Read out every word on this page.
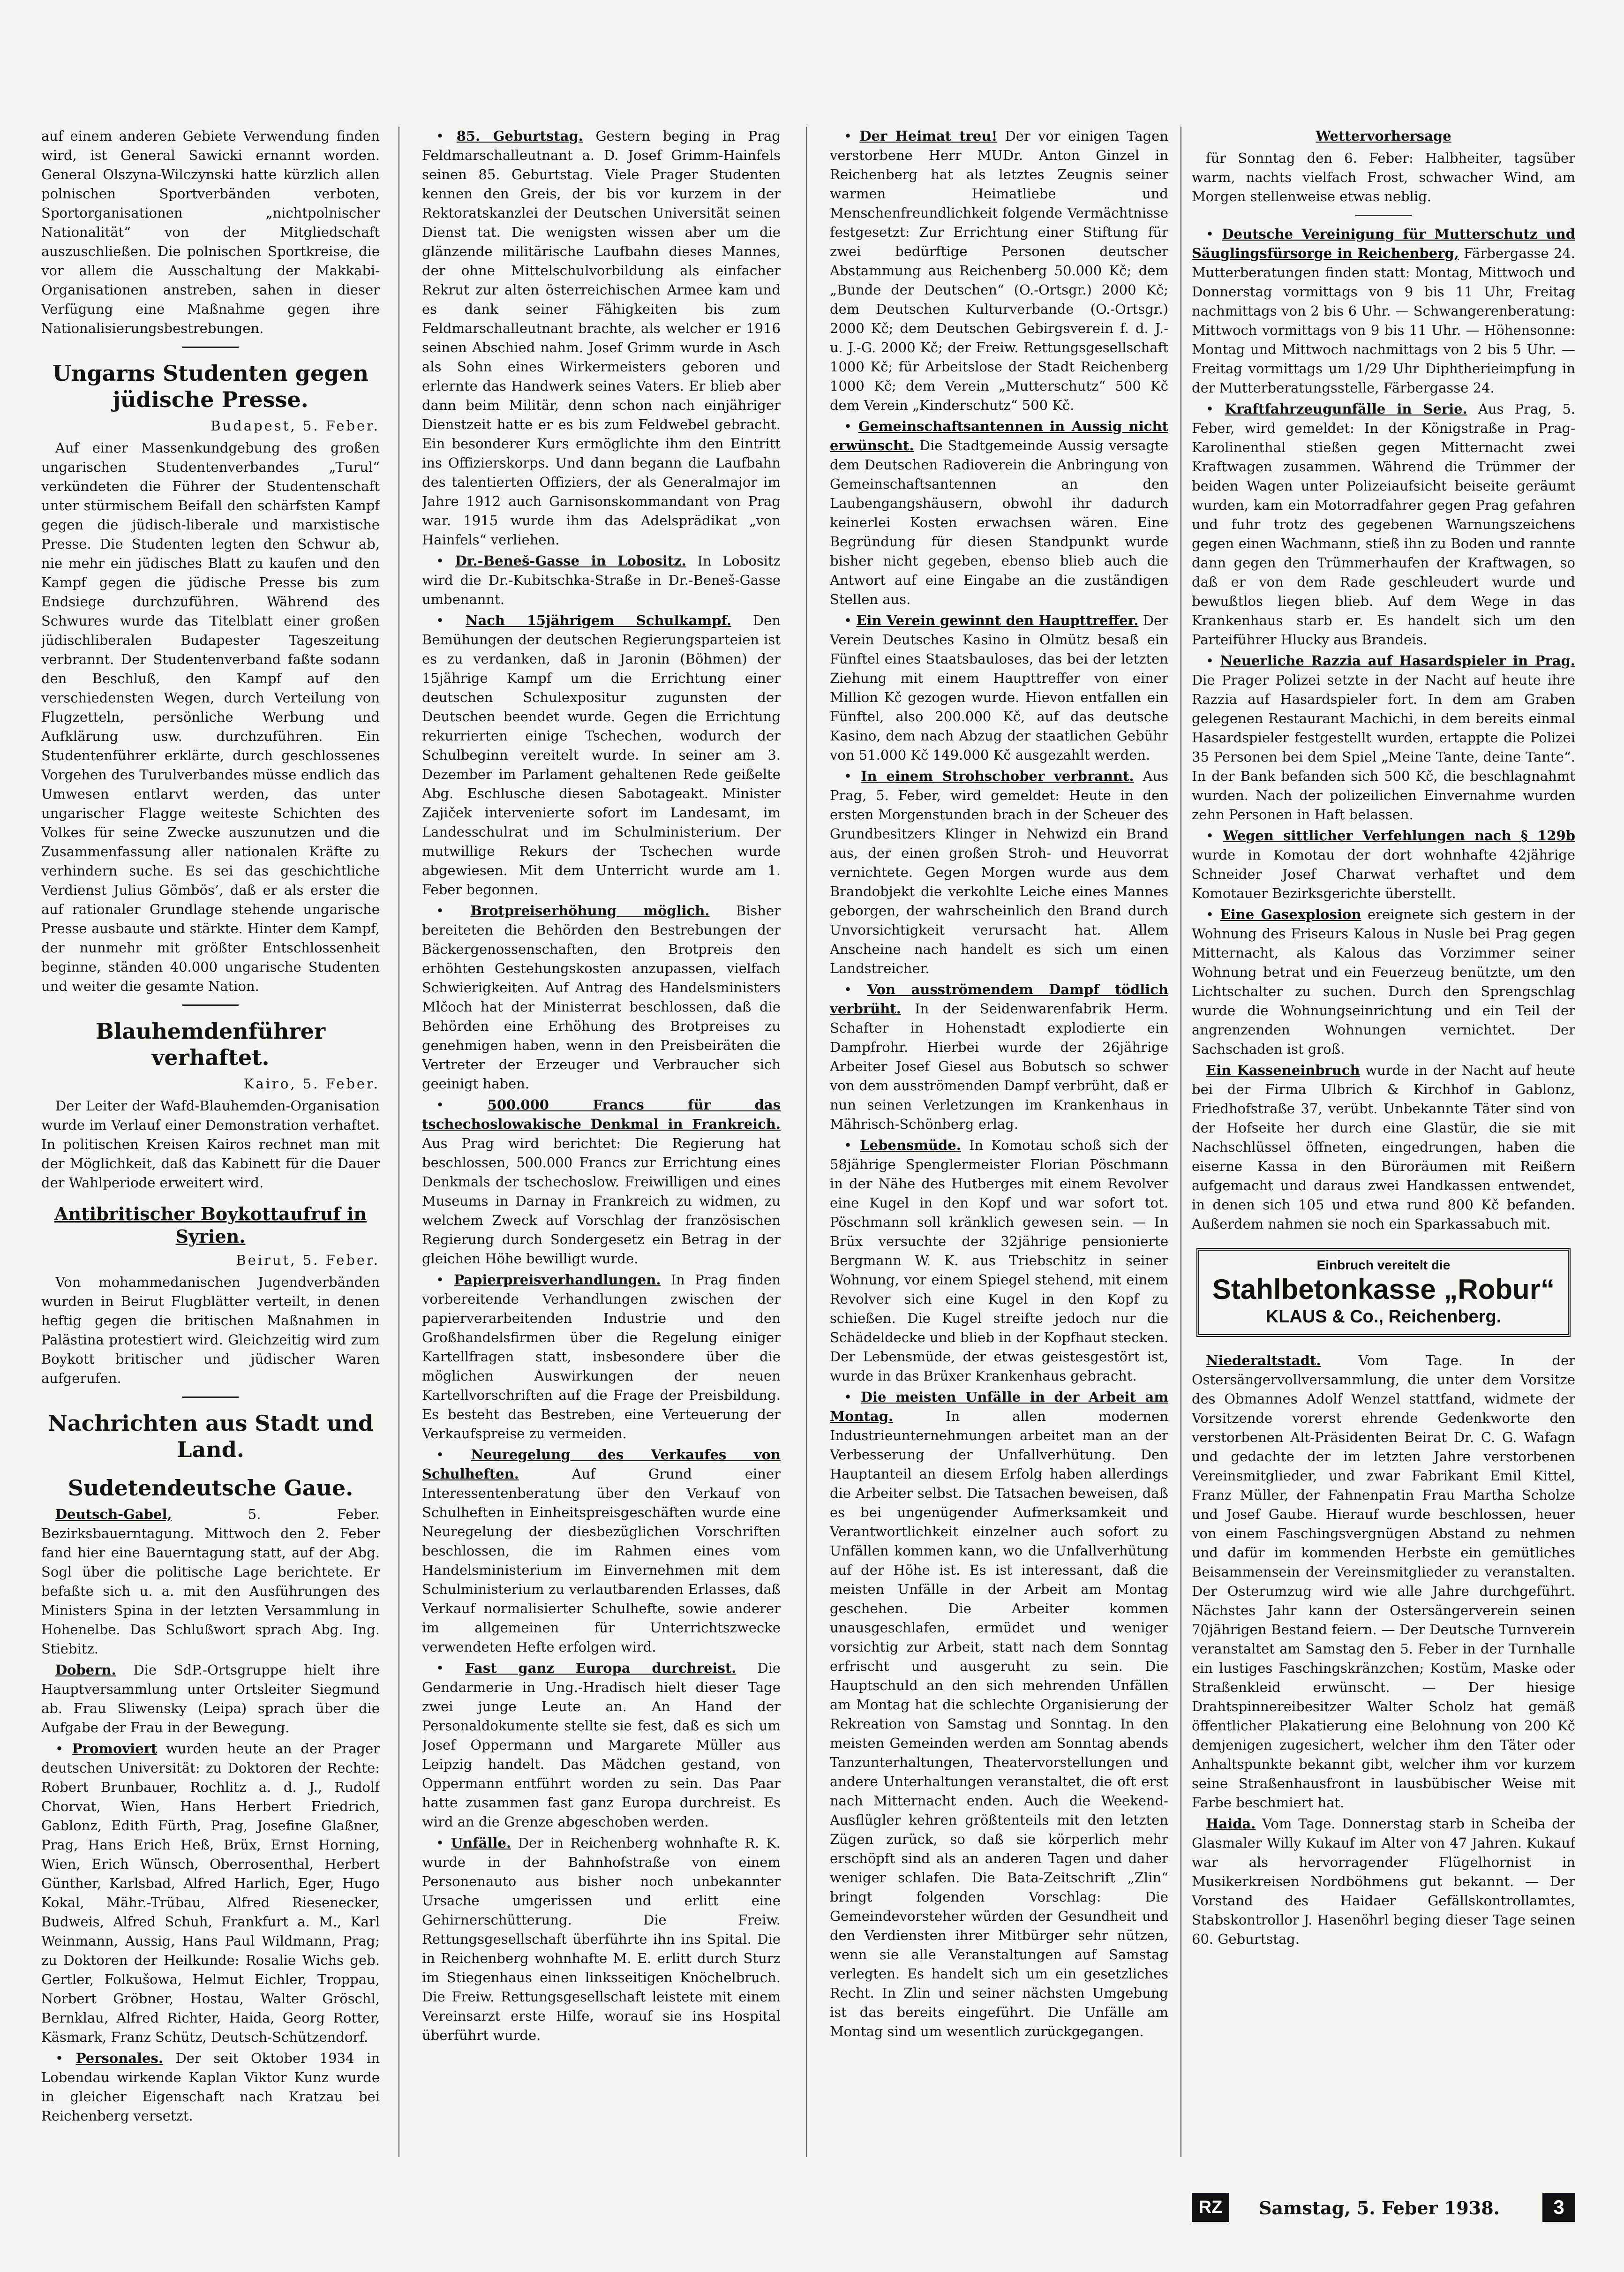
auf einem anderen Gebiete Verwendung finden wird, ist General Sawicki ernannt worden. General Olszyna-Wilczynski hatte kürzlich allen polnischen Sportverbänden verboten, Sportorganisationen „nichtpolnischer Nationalität“ von der Mitgliedschaft auszuschließen. Die polnischen Sportkreise, die vor allem die Ausschaltung der Makkabi-Organisationen anstreben, sahen in dieser Verfügung eine Maßnahme gegen ihre Nationalisierungsbestrebungen.

Ungarns Studenten gegen jüdische Presse.

Budapest, 5. Feber.

Auf einer Massenkundgebung des großen ungarischen Studentenverbandes „Turul“ verkündeten die Führer der Studentenschaft unter stürmischem Beifall den schärfsten Kampf gegen die jüdisch-liberale und marxistische Presse. Die Studenten legten den Schwur ab, nie mehr ein jüdisches Blatt zu kaufen und den Kampf gegen die jüdische Presse bis zum Endsiege durchzuführen. Während des Schwures wurde das Titelblatt einer großen jüdischliberalen Budapester Tageszeitung verbrannt. Der Studentenverband faßte sodann den Beschluß, den Kampf auf den verschiedensten Wegen, durch Verteilung von Flugzetteln, persönliche Werbung und Aufklärung usw. durchzuführen. Ein Studentenführer erklärte, durch geschlossenes Vorgehen des Turulverbandes müsse endlich das Umwesen entlarvt werden, das unter ungarischer Flagge weiteste Schichten des Volkes für seine Zwecke auszunutzen und die Zusammenfassung aller nationalen Kräfte zu verhindern suche. Es sei das geschichtliche Verdienst Julius Gömbös’, daß er als erster die auf rationaler Grundlage stehende ungarische Presse ausbaute und stärkte. Hinter dem Kampf, der nunmehr mit größter Entschlossenheit beginne, ständen 40.000 ungarische Studenten und weiter die gesamte Nation.

Blauhemdenführer verhaftet.

Kairo, 5. Feber.

Der Leiter der Wafd-Blauhemden-Organisation wurde im Verlauf einer Demonstration verhaftet. In politischen Kreisen Kairos rechnet man mit der Möglichkeit, daß das Kabinett für die Dauer der Wahlperiode erweitert wird.

Antibritischer Boykottaufruf in Syrien.

Beirut, 5. Feber.

Von mohammedanischen Jugendverbänden wurden in Beirut Flugblätter verteilt, in denen heftig gegen die britischen Maßnahmen in Palästina protestiert wird. Gleichzeitig wird zum Boykott britischer und jüdischer Waren aufgerufen.

Nachrichten aus Stadt und Land.
Sudetendeutsche Gaue.

Deutsch-Gabel,	5. Feber. Bezirksbauerntagung. Mittwoch den 2. Feber fand hier eine Bauerntagung statt, auf der Abg. Sogl über die politische Lage berichtete. Er befaßte sich u. a. mit den Ausführungen des Ministers Spina in der letzten Versammlung in Hohenelbe. Das Schlußwort sprach Abg. Ing. Stiebitz.

Dobern. Die SdP.-Ortsgruppe hielt ihre Hauptversammlung unter Ortsleiter Siegmund ab. Frau Sliwensky (Leipa) sprach über die Aufgabe der Frau in der Bewegung.

• Promoviert wurden heute an der Prager deutschen Universität: zu Doktoren der Rechte: Robert Brunbauer, Rochlitz a. d. J., Rudolf Chorvat, Wien, Hans Herbert Friedrich, Gablonz, Edith Fürth, Prag, Josefine Glaßner, Prag, Hans Erich Heß, Brüx, Ernst Horning, Wien, Erich Wünsch, Oberrosenthal, Herbert Günther, Karlsbad, Alfred Harlich, Eger, Hugo Kokal, Mähr.-Trübau, Alfred Riesenecker, Budweis, Alfred Schuh, Frankfurt a. M., Karl Weinmann, Aussig, Hans Paul Wildmann, Prag; zu Doktoren der Heilkunde: Rosalie Wichs geb. Gertler, Folkušowa, Helmut Eichler, Troppau, Norbert Gröbner, Hostau, Walter Gröschl, Bernklau, Alfred Richter, Haida, Georg Rotter, Käsmark, Franz Schütz, Deutsch-Schützendorf.

• Personales. Der seit Oktober 1934 in Lobendau wirkende Kaplan Viktor Kunz wurde in gleicher Eigenschaft nach Kratzau bei Reichenberg versetzt.

• 85. Geburtstag. Gestern beging in Prag Feldmarschalleutnant a. D. Josef Grimm-Hainfels seinen 85. Geburtstag. Viele Prager Studenten kennen den Greis, der bis vor kurzem in der Rektoratskanzlei der Deutschen Universität seinen Dienst tat. Die wenigsten wissen aber um die glänzende militärische Laufbahn dieses Mannes, der ohne Mittelschulvorbildung als einfacher Rekrut zur alten österreichischen Armee kam und es dank seiner Fähigkeiten bis zum Feldmarschalleutnant brachte, als welcher er 1916 seinen Abschied nahm. Josef Grimm wurde in Asch als Sohn eines Wirkermeisters geboren und erlernte das Handwerk seines Vaters. Er blieb aber dann beim Militär, denn schon nach einjähriger Dienstzeit hatte er es bis zum Feldwebel gebracht. Ein besonderer Kurs ermöglichte ihm den Eintritt ins Offizierskorps. Und dann begann die Laufbahn des talentierten Offiziers, der als Generalmajor im Jahre 1912 auch Garnisonskommandant von Prag war. 1915 wurde ihm das Adelsprädikat „von Hainfels“ verliehen.

• Dr.-Beneš-Gasse in Lobositz. In Lobositz wird die Dr.-Kubitschka-Straße in Dr.-Beneš-Gasse umbenannt.

• Nach 15jährigem Schulkampf. Den Bemühungen der deutschen Regierungsparteien ist es zu verdanken, daß in Jaronin (Böhmen) der 15jährige Kampf um die Errichtung einer deutschen Schulexpositur zugunsten der Deutschen beendet wurde. Gegen die Errichtung rekurrierten einige Tschechen, wodurch der Schulbeginn vereitelt wurde. In seiner am 3. Dezember im Parlament gehaltenen Rede geißelte Abg. Eschlusche diesen Sabotageakt. Minister Zajiček intervenierte sofort im Landesamt, im Landesschulrat und im Schulministerium. Der mutwillige Rekurs der Tschechen wurde abgewiesen. Mit dem Unterricht wurde am 1. Feber begonnen.

• Brotpreiserhöhung möglich. Bisher bereiteten die Behörden den Bestrebungen der Bäckergenossenschaften, den Brotpreis den erhöhten Gestehungskosten anzupassen, vielfach Schwierigkeiten. Auf Antrag des Handelsministers Mlčoch hat der Ministerrat beschlossen, daß die Behörden eine Erhöhung des Brotpreises zu genehmigen haben, wenn in den Preisbeiräten die Vertreter der Erzeuger und Verbraucher sich geeinigt haben.

• 500.000 Francs für das tschechoslowakische Denkmal in Frankreich. Aus Prag wird berichtet: Die Regierung hat beschlossen, 500.000 Francs zur Errichtung eines Denkmals der tschechoslow. Freiwilligen und eines Museums in Darnay in Frankreich zu widmen, zu welchem Zweck auf Vorschlag der französischen Regierung durch Sondergesetz ein Betrag in der gleichen Höhe bewilligt wurde.

• Papierpreisverhandlungen. In Prag finden vorbereitende Verhandlungen zwischen der papierverarbeitenden Industrie und den Großhandelsfirmen über die Regelung einiger Kartellfragen statt, insbesondere über die möglichen Auswirkungen der neuen Kartellvorschriften auf die Frage der Preisbildung. Es besteht das Bestreben, eine Verteuerung der Verkaufspreise zu vermeiden.

• Neuregelung des Verkaufes von Schulheften.	Auf Grund einer Interessentenberatung über den Verkauf von Schulheften in Einheitspreisgeschäften wurde eine Neuregelung der diesbezüglichen Vorschriften beschlossen, die im Rahmen eines vom Handelsministerium im Einvernehmen mit dem Schulministerium zu verlautbarenden Erlasses, daß Verkauf normalisierter Schulhefte, sowie anderer im allgemeinen für Unterrichtszwecke verwendeten Hefte erfolgen wird.

• Fast ganz Europa durchreist. Die Gendarmerie in Ung.-Hradisch hielt dieser Tage zwei junge Leute an. An Hand der Personaldokumente stellte sie fest, daß es sich um Josef Oppermann und Margarete Müller aus Leipzig handelt. Das Mädchen gestand, von Oppermann entführt worden zu sein. Das Paar hatte zusammen fast ganz Europa durchreist. Es wird an die Grenze abgeschoben werden.

• Unfälle. Der in Reichenberg wohnhafte R. K. wurde in der Bahnhofstraße von einem Personenauto aus bisher noch unbekannter Ursache umgerissen und erlitt eine Gehirnerschütterung. Die Freiw. Rettungsgesellschaft überführte ihn ins Spital. Die in Reichenberg wohnhafte M. E. erlitt durch Sturz im Stiegenhaus einen linksseitigen Knöchelbruch. Die Freiw. Rettungsgesellschaft leistete mit einem Vereinsarzt erste Hilfe, worauf sie ins Hospital überführt wurde.

• Der Heimat treu! Der vor einigen Tagen verstorbene Herr MUDr. Anton Ginzel in Reichenberg hat als letztes Zeugnis seiner warmen Heimatliebe und Menschenfreundlichkeit folgende Vermächtnisse festgesetzt: Zur Errichtung einer Stiftung für zwei bedürftige Personen deutscher Abstammung aus Reichenberg 50.000 Kč; dem „Bunde der Deutschen“ (O.-Ortsgr.) 2000 Kč; dem Deutschen Kulturverbande (O.-Ortsgr.) 2000 Kč; dem Deutschen Gebirgsverein f. d. J.- u. J.-G. 2000 Kč; der Freiw. Rettungsgesellschaft 1000 Kč; für Arbeitslose der Stadt Reichenberg 1000 Kč; dem Verein „Mutterschutz“ 500 Kč dem Verein „Kinderschutz“ 500 Kč.

• Gemeinschaftsantennen in Aussig nicht erwünscht. Die Stadtgemeinde Aussig versagte dem Deutschen Radioverein die Anbringung von Gemeinschaftsantennen an den Laubengangshäusern, obwohl ihr dadurch keinerlei Kosten erwachsen wären. Eine Begründung für diesen Standpunkt wurde bisher nicht gegeben, ebenso blieb auch die Antwort auf eine Eingabe an die zuständigen Stellen aus.

• Ein Verein gewinnt den Haupttreffer. Der Verein Deutsches Kasino in Olmütz besaß ein Fünftel eines Staatsbauloses, das bei der letzten Ziehung mit einem Haupttreffer von einer Million Kč gezogen wurde. Hievon entfallen ein Fünftel, also 200.000 Kč, auf das deutsche Kasino, dem nach Abzug der staatlichen Gebühr von 51.000 Kč 149.000 Kč ausgezahlt werden.

• In einem Strohschober verbrannt. Aus Prag, 5. Feber, wird gemeldet: Heute in den ersten Morgenstunden brach in der Scheuer des Grundbesitzers Klinger in Nehwizd ein Brand aus, der einen großen Stroh- und Heuvorrat vernichtete. Gegen Morgen wurde aus dem Brandobjekt die verkohlte Leiche eines Mannes geborgen, der wahrscheinlich den Brand durch Unvorsichtigkeit verursacht hat. Allem Anscheine nach handelt es sich um einen Landstreicher.

• Von ausströmendem Dampf tödlich verbrüht. In der Seidenwarenfabrik Herm. Schafter in Hohenstadt explodierte ein Dampfrohr. Hierbei wurde der 26jährige Arbeiter Josef Giesel aus Bobutsch so schwer von dem ausströmenden Dampf verbrüht, daß er nun seinen Verletzungen im Krankenhaus in Mährisch-Schönberg erlag.

• Lebensmüde. In Komotau schoß sich der 58jährige Spenglermeister Florian Pöschmann in der Nähe des Hutberges mit einem Revolver eine Kugel in den Kopf und war sofort tot. Pöschmann soll kränklich gewesen sein. — In Brüx versuchte der 32jährige pensionierte Bergmann W. K. aus Triebschitz in seiner Wohnung, vor einem Spiegel stehend, mit einem Revolver sich eine Kugel in den Kopf zu schießen. Die Kugel streifte jedoch nur die Schädeldecke und blieb in der Kopfhaut stecken. Der Lebensmüde, der etwas geistesgestört ist, wurde in das Brüxer Krankenhaus gebracht.

• Die meisten Unfälle in der Arbeit am Montag.	In allen modernen Industrieunternehmungen arbeitet man an der Verbesserung der Unfallverhütung. Den Hauptanteil an diesem Erfolg haben allerdings die Arbeiter selbst. Die Tatsachen beweisen, daß es bei ungenügender Aufmerksamkeit und Verantwortlichkeit einzelner auch sofort zu Unfällen kommen kann, wo die Unfallverhütung auf der Höhe ist. Es ist interessant, daß die meisten Unfälle in der Arbeit am Montag geschehen. Die Arbeiter kommen unausgeschlafen, ermüdet und weniger vorsichtig zur Arbeit, statt nach dem Sonntag erfrischt und ausgeruht zu sein. Die Hauptschuld an den sich mehrenden Unfällen am Montag hat die schlechte Organisierung der Rekreation von Samstag und Sonntag. In den meisten Gemeinden werden am Sonntag abends Tanzunterhaltungen, Theatervorstellungen und andere Unterhaltungen veranstaltet, die oft erst nach Mitternacht enden. Auch die Weekend-Ausflügler kehren größtenteils mit den letzten Zügen zurück, so daß sie körperlich mehr erschöpft sind als an anderen Tagen und daher weniger schlafen. Die Bata-Zeitschrift „Zlin“ bringt folgenden Vorschlag: Die Gemeindevorsteher würden der Gesundheit und den Verdiensten ihrer Mitbürger sehr nützen, wenn sie alle Veranstaltungen auf Samstag verlegten. Es handelt sich um ein gesetzliches Recht. In Zlin und seiner nächsten Umgebung ist das bereits eingeführt. Die Unfälle am Montag sind um wesentlich zurückgegangen.

Wettervorhersage

für Sonntag den 6. Feber: Halbheiter, tagsüber warm, nachts vielfach Frost, schwacher Wind, am Morgen stellenweise etwas neblig.

• Deutsche Vereinigung für Mutterschutz und Säuglingsfürsorge in Reichenberg, Färbergasse 24. Mutterberatungen finden statt: Montag, Mittwoch und Donnerstag vormittags von 9 bis 11 Uhr, Freitag nachmittags von 2 bis 6 Uhr. — Schwangerenberatung: Mittwoch vormittags von 9 bis 11 Uhr. — Höhensonne: Montag und Mittwoch nachmittags von 2 bis 5 Uhr. — Freitag vormittags um 1/29 Uhr Diphtherieimpfung in der Mutterberatungsstelle, Färbergasse 24.

• Kraftfahrzeugunfälle in Serie. Aus Prag, 5. Feber, wird gemeldet: In der Königstraße in Prag-Karolinenthal stießen gegen Mitternacht zwei Kraftwagen zusammen. Während die Trümmer der beiden Wagen unter Polizeiaufsicht beiseite geräumt wurden, kam ein Motorradfahrer gegen Prag gefahren und fuhr trotz des gegebenen Warnungszeichens gegen einen Wachmann, stieß ihn zu Boden und rannte dann gegen den Trümmerhaufen der Kraftwagen, so daß er von dem Rade geschleudert wurde und bewußtlos liegen blieb. Auf dem Wege in das Krankenhaus starb er. Es handelt sich um den Parteiführer Hlucky aus Brandeis.

• Neuerliche Razzia auf Hasardspieler in Prag. Die Prager Polizei setzte in der Nacht auf heute ihre Razzia auf Hasardspieler fort. In dem am Graben gelegenen Restaurant Machichi, in dem bereits einmal Hasardspieler festgestellt wurden, ertappte die Polizei 35 Personen bei dem Spiel „Meine Tante, deine Tante“. In der Bank befanden sich 500 Kč, die beschlagnahmt wurden. Nach der polizeilichen Einvernahme wurden zehn Personen in Haft belassen.

• Wegen sittlicher Verfehlungen nach § 129b wurde in Komotau der dort wohnhafte 42jährige Schneider Josef Charwat verhaftet und dem Komotauer Bezirksgerichte überstellt.

• Eine Gasexplosion ereignete sich gestern in der Wohnung des Friseurs Kalous in Nusle bei Prag gegen Mitternacht, als Kalous das Vorzimmer seiner Wohnung betrat und ein Feuerzeug benützte, um den Lichtschalter zu suchen. Durch den Sprengschlag wurde die Wohnungseinrichtung und ein Teil der angrenzenden Wohnungen vernichtet. Der Sachschaden ist groß.

Ein Kasseneinbruch wurde in der Nacht auf heute bei der Firma Ulbrich & Kirchhof in Gablonz, Friedhofstraße 37, verübt. Unbekannte Täter sind von der Hofseite her durch eine Glastür, die sie mit Nachschlüssel öffneten, eingedrungen, haben die eiserne Kassa in den Büroräumen mit Reißern aufgemacht und daraus zwei Handkassen entwendet, in denen sich 105 und etwa rund 800 Kč befanden. Außerdem nahmen sie noch ein Sparkassabuch mit.

Einbruch vereitelt die
Stahlbetonkasse „Robur“
KLAUS & Co., Reichenberg.

Niederaltstadt.	Vom Tage. In der Ostersängervollversammlung, die unter dem Vorsitze des Obmannes Adolf Wenzel stattfand, widmete der Vorsitzende vorerst ehrende Gedenkworte den verstorbenen Alt-Präsidenten Beirat Dr. C. G. Wafagn und gedachte der im letzten Jahre verstorbenen Vereinsmitglieder, und zwar Fabrikant Emil Kittel, Franz Müller, der Fahnenpatin Frau Martha Scholze und Josef Gaube. Hierauf wurde beschlossen, heuer von einem Faschingsvergnügen Abstand zu nehmen und dafür im kommenden Herbste ein gemütliches Beisammensein der Vereinsmitglieder zu veranstalten. Der Osterumzug wird wie alle Jahre durchgeführt. Nächstes Jahr kann der Ostersängerverein seinen 70jährigen Bestand feiern. — Der Deutsche Turnverein veranstaltet am Samstag den 5. Feber in der Turnhalle ein lustiges Faschingskränzchen; Kostüm, Maske oder Straßenkleid erwünscht. — Der hiesige Drahtspinnereibesitzer Walter Scholz hat gemäß öffentlicher Plakatierung eine Belohnung von 200 Kč demjenigen zugesichert, welcher ihm den Täter oder Anhaltspunkte bekannt gibt, welcher ihm vor kurzem seine Straßenhausfront in lausbübischer Weise mit Farbe beschmiert hat.

Haida. Vom Tage. Donnerstag starb in Scheiba der Glasmaler Willy Kukauf im Alter von 47 Jahren. Kukauf war als hervorragender Flügelhornist in Musikerkreisen Nordböhmens gut bekannt. — Der Vorstand des Haidaer Gefällskontrollamtes, Stabskontrollor J. Hasenöhrl beging dieser Tage seinen 60. Geburtstag.

RZ	Samstag, 5. Feber 1938.	3
